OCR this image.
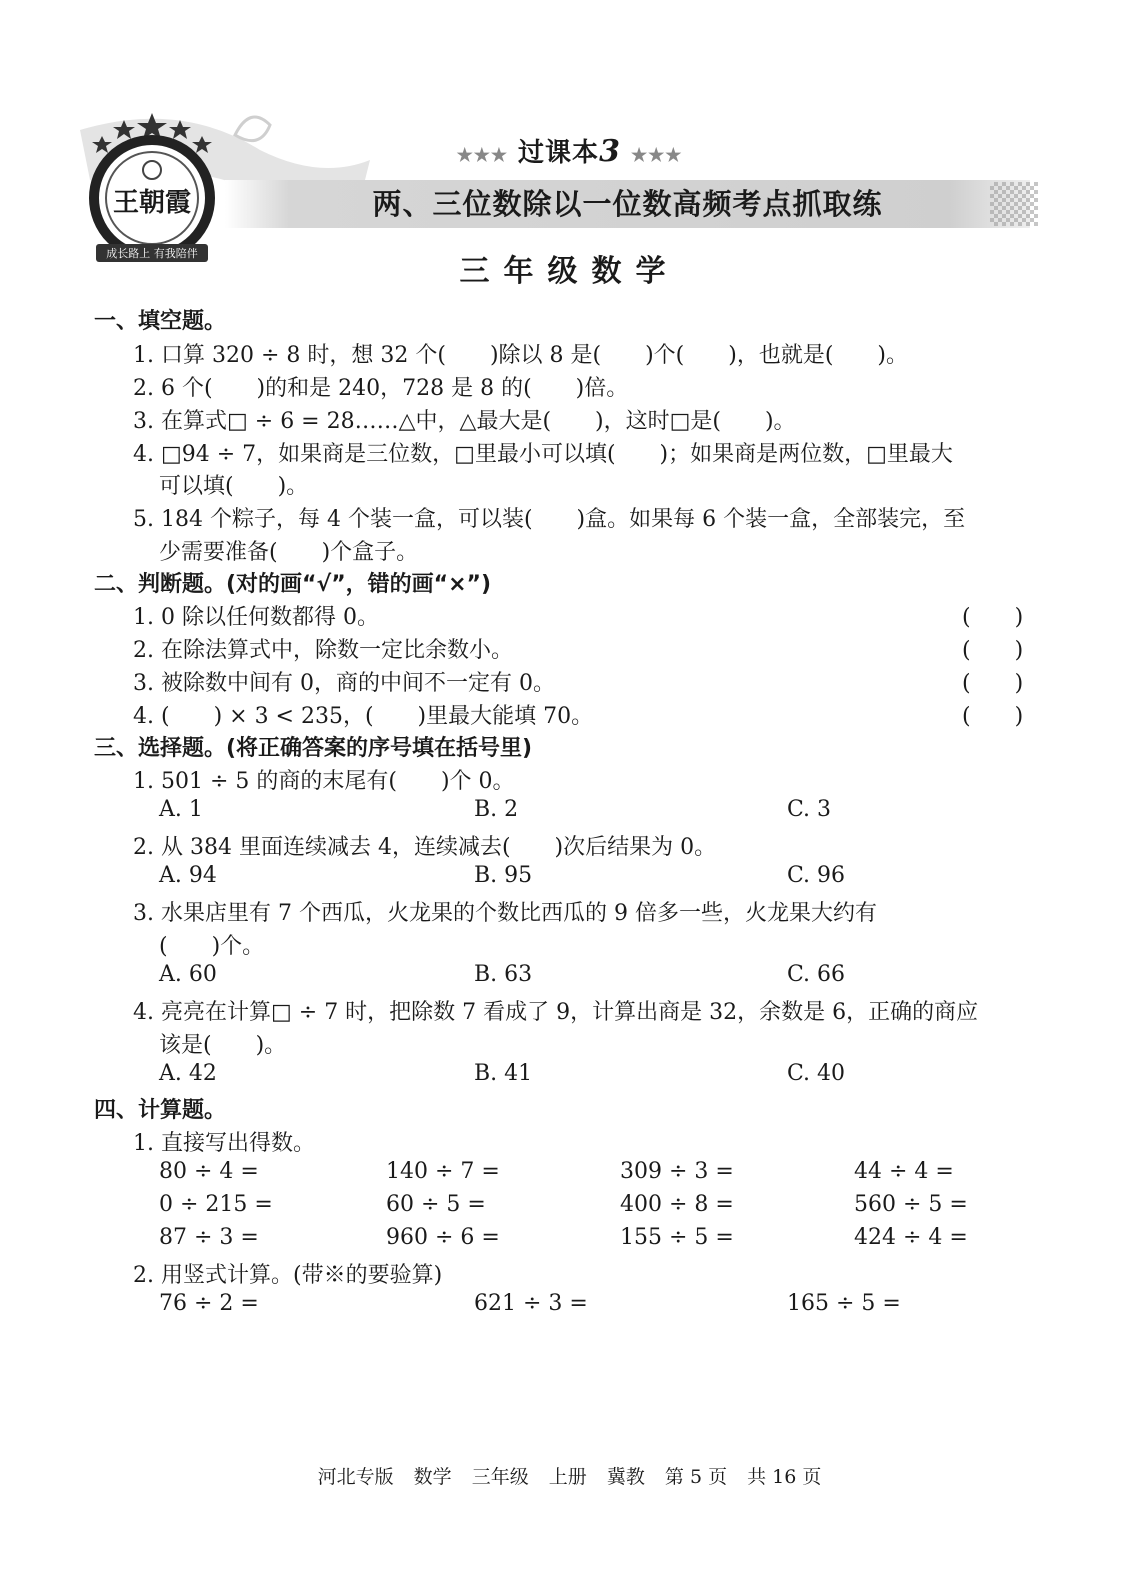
王朝霞
成长路上 有我陪伴
★★★ 过课本3 ★★★
两、三位数除以一位数高频考点抓取练
三年级数学
一、填空题。
1. 口算 320 ÷ 8 时，想 32 个(　　)除以 8 是(　　)个(　　)，也就是(　　)。
2. 6 个(　　)的和是 240，728 是 8 的(　　)倍。
3. 在算式□ ÷ 6 = 28……△中，△最大是(　　)，这时□是(　　)。
4. □94 ÷ 7，如果商是三位数，□里最小可以填(　　)；如果商是两位数，□里最大
可以填(　　)。
5. 184 个粽子，每 4 个装一盒，可以装(　　)盒。如果每 6 个装一盒，全部装完，至
少需要准备(　　)个盒子。
二、判断题。(对的画“√”，错的画“×”)
1. 0 除以任何数都得 0。	(　　)
2. 在除法算式中，除数一定比余数小。	(　　)
3. 被除数中间有 0，商的中间不一定有 0。	(　　)
4. (　　) × 3 < 235，(　　)里最大能填 70。	(　　)
三、选择题。(将正确答案的序号填在括号里)
1. 501 ÷ 5 的商的末尾有(　　)个 0。
A. 1	B. 2	C. 3
2. 从 384 里面连续减去 4，连续减去(　　)次后结果为 0。
A. 94	B. 95	C. 96
3. 水果店里有 7 个西瓜，火龙果的个数比西瓜的 9 倍多一些，火龙果大约有
(　　)个。
A. 60	B. 63	C. 66
4. 亮亮在计算□ ÷ 7 时，把除数 7 看成了 9，计算出商是 32，余数是 6，正确的商应
该是(　　)。
A. 42	B. 41	C. 40
四、计算题。
1. 直接写出得数。
80 ÷ 4 =	140 ÷ 7 =	309 ÷ 3 =	44 ÷ 4 =
0 ÷ 215 =	60 ÷ 5 =	400 ÷ 8 =	560 ÷ 5 =
87 ÷ 3 =	960 ÷ 6 =	155 ÷ 5 =	424 ÷ 4 =
2. 用竖式计算。(带※的要验算)
76 ÷ 2 =	621 ÷ 3 =	165 ÷ 5 =
河北专版 数学 三年级 上册 冀教 第 5 页 共 16 页
